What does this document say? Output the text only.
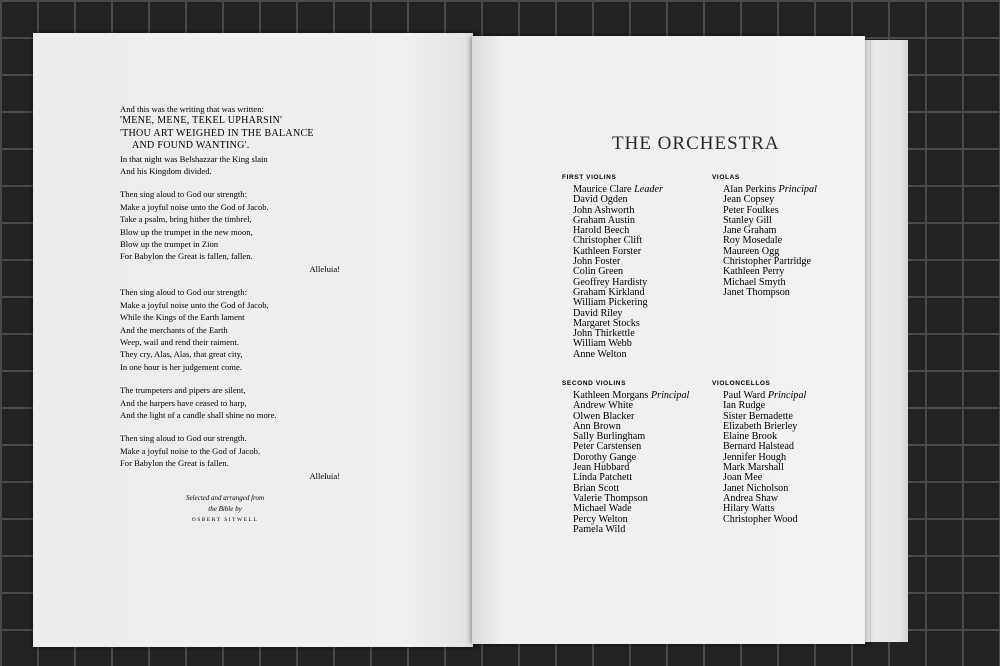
And this was the writing that was written:
'MENE, MENE, TEKEL UPHARSIN'
'THOU ART WEIGHED IN THE BALANCE
AND FOUND WANTING'.
In that night was Belshazzar the King slain
And his Kingdom divided.
Then sing aloud to God our strength:
Make a joyful noise unto the God of Jacob.
Take a psalm, bring hither the timbrel,
Blow up the trumpet in the new moon,
Blow up the trumpet in Zion
For Babylon the Great is fallen, fallen.
Alleluia!
Then sing aloud to God our strength:
Make a joyful noise unto the God of Jacob,
While the Kings of the Earth lament
And the merchants of the Earth
Weep, wail and rend their raiment.
They cry, Alas, Alas, that great city,
In one hour is her judgement come.
The trumpeters and pipers are silent,
And the harpers have ceased to harp,
And the light of a candle shall shine no more.
Then sing aloud to God our strength.
Make a joyful noise to the God of Jacob.
For Babylon the Great is fallen.
Alleluia!
Selected and arranged from
the Bible by
OSBERT SITWELL
THE ORCHESTRA
FIRST VIOLINS
Maurice Clare Leader
David Ogden
John Ashworth
Graham Austin
Harold Beech
Christopher Clift
Kathleen Forster
John Foster
Colin Green
Geoffrey Hardisty
Graham Kirkland
William Pickering
David Riley
Margaret Stocks
John Thirkettle
William Webb
Anne Welton
VIOLAS
Alan Perkins Principal
Jean Copsey
Peter Foulkes
Stanley Gill
Jane Graham
Roy Mosedale
Maureen Ogg
Christopher Partridge
Kathleen Perry
Michael Smyth
Janet Thompson
SECOND VIOLINS
Kathleen Morgans Principal
Andrew White
Olwen Blacker
Ann Brown
Sally Burlingham
Peter Carstensen
Dorothy Gange
Jean Hubbard
Linda Patchett
Brian Scott
Valerie Thompson
Michael Wade
Percy Welton
Pamela Wild
VIOLONCELLOS
Paul Ward Principal
Ian Rudge
Sister Bernadette
Elizabeth Brierley
Elaine Brook
Bernard Halstead
Jennifer Hough
Mark Marshall
Joan Mee
Janet Nicholson
Andrea Shaw
Hilary Watts
Christopher Wood
